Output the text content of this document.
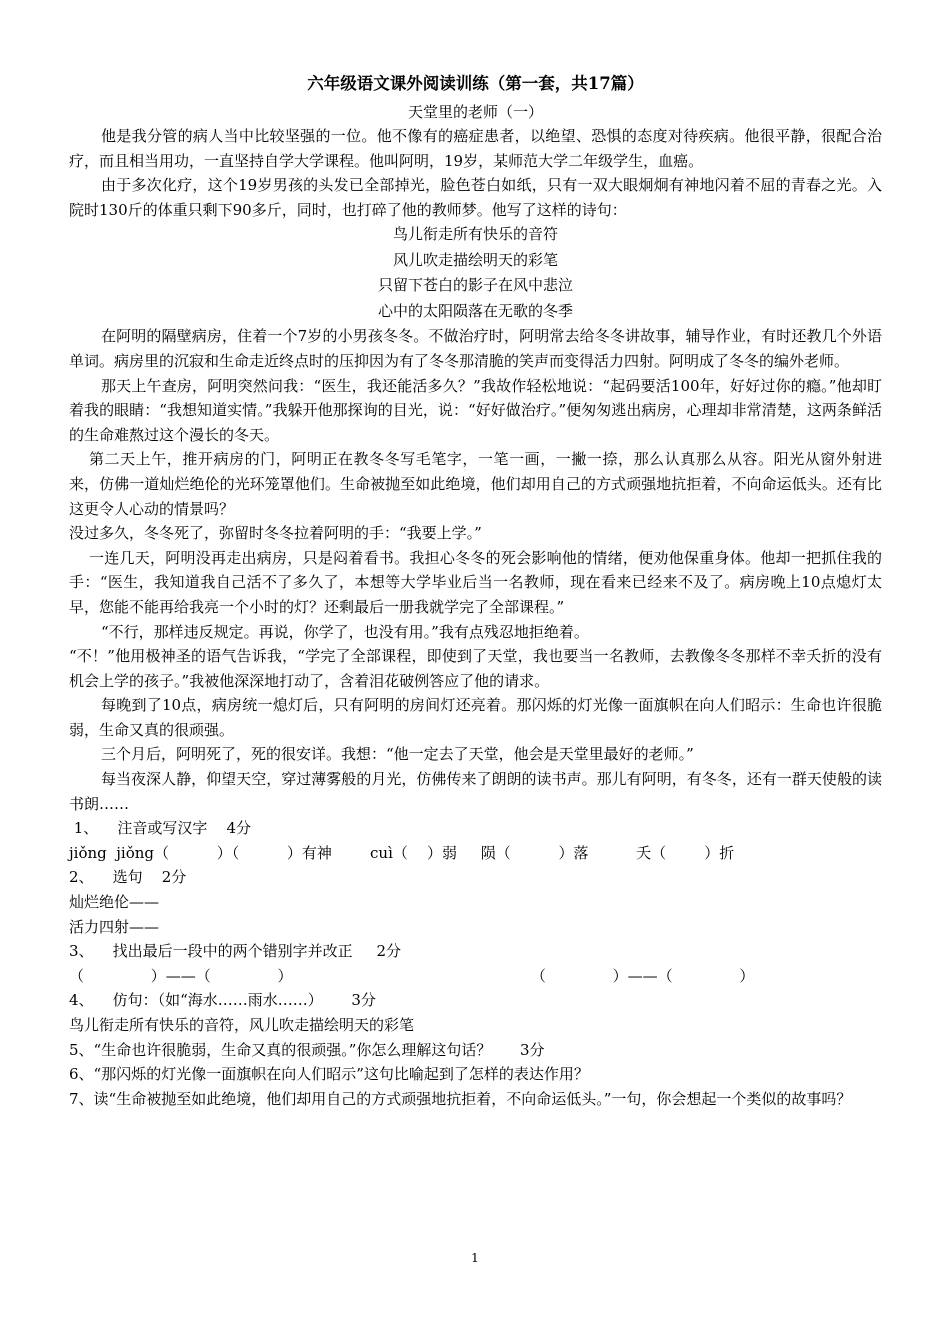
六年级语文课外阅读训练（第一套，共17篇）
天堂里的老师（一）

他是我分管的病人当中比较坚强的一位。他不像有的癌症患者，以绝望、恐惧的态度对待疾病。他很平静，很配合治疗，而且相当用功，一直坚持自学大学课程。他叫阿明，19岁，某师范大学二年级学生，血癌。

由于多次化疗，这个19岁男孩的头发已全部掉光，脸色苍白如纸，只有一双大眼炯炯有神地闪着不屈的青春之光。入院时130斤的体重只剩下90多斤，同时，也打碎了他的教师梦。他写了这样的诗句：

鸟儿衔走所有快乐的音符
风儿吹走描绘明天的彩笔
只留下苍白的影子在风中悲泣
心中的太阳陨落在无歌的冬季

在阿明的隔壁病房，住着一个7岁的小男孩冬冬。不做治疗时，阿明常去给冬冬讲故事，辅导作业，有时还教几个外语单词。病房里的沉寂和生命走近终点时的压抑因为有了冬冬那清脆的笑声而变得活力四射。阿明成了冬冬的编外老师。

那天上午查房，阿明突然问我：“医生，我还能活多久？”我故作轻松地说：“起码要活100年，好好过你的瘾。”他却盯着我的眼睛：“我想知道实情。”我躲开他那探询的目光，说：“好好做治疗。”便匆匆逃出病房，心理却非常清楚，这两条鲜活的生命难熬过这个漫长的冬天。

第二天上午，推开病房的门，阿明正在教冬冬写毛笔字，一笔一画，一撇一捺，那么认真那么从容。阳光从窗外射进来，仿佛一道灿烂绝伦的光环笼罩他们。生命被抛至如此绝境，他们却用自己的方式顽强地抗拒着，不向命运低头。还有比这更令人心动的情景吗？

没过多久，冬冬死了，弥留时冬冬拉着阿明的手：“我要上学。”

一连几天，阿明没再走出病房，只是闷着看书。我担心冬冬的死会影响他的情绪，便劝他保重身体。他却一把抓住我的手：“医生，我知道我自己活不了多久了，本想等大学毕业后当一名教师，现在看来已经来不及了。病房晚上10点熄灯太早，您能不能再给我亮一个小时的灯？还剩最后一册我就学完了全部课程。”

“不行，那样违反规定。再说，你学了，也没有用。”我有点残忍地拒绝着。

“不！”他用极神圣的语气告诉我，“学完了全部课程，即使到了天堂，我也要当一名教师，去教像冬冬那样不幸夭折的没有机会上学的孩子。”我被他深深地打动了，含着泪花破例答应了他的请求。

每晚到了10点，病房统一熄灯后，只有阿明的房间灯还亮着。那闪烁的灯光像一面旗帜在向人们昭示：生命也许很脆弱，生命又真的很顽强。

三个月后，阿明死了，死的很安详。我想：“他一定去了天堂，他会是天堂里最好的老师。”

每当夜深人静，仰望天空，穿过薄雾般的月光，仿佛传来了朗朗的读书声。那儿有阿明，有冬冬，还有一群天使般的读书朗……

1、    注音或写汉字    4分
jiǒng  jiǒng（          ）（          ）有神        cuì（    ）弱     陨（          ）落          夭（        ）折
2、    选句    2分
灿烂绝伦——
活力四射——
3、    找出最后一段中的两个错别字并改正     2分
（              ）——（              ）                                                  （              ）——（              ）
4、    仿句：（如“海水……雨水……）      3分
鸟儿衔走所有快乐的音符，风儿吹走描绘明天的彩笔
5、“生命也许很脆弱，生命又真的很顽强。”你怎么理解这句话？      3分
6、“那闪烁的灯光像一面旗帜在向人们昭示”这句比喻起到了怎样的表达作用？
7、读“生命被抛至如此绝境，他们却用自己的方式顽强地抗拒着，不向命运低头。”一句，你会想起一个类似的故事吗？
1
